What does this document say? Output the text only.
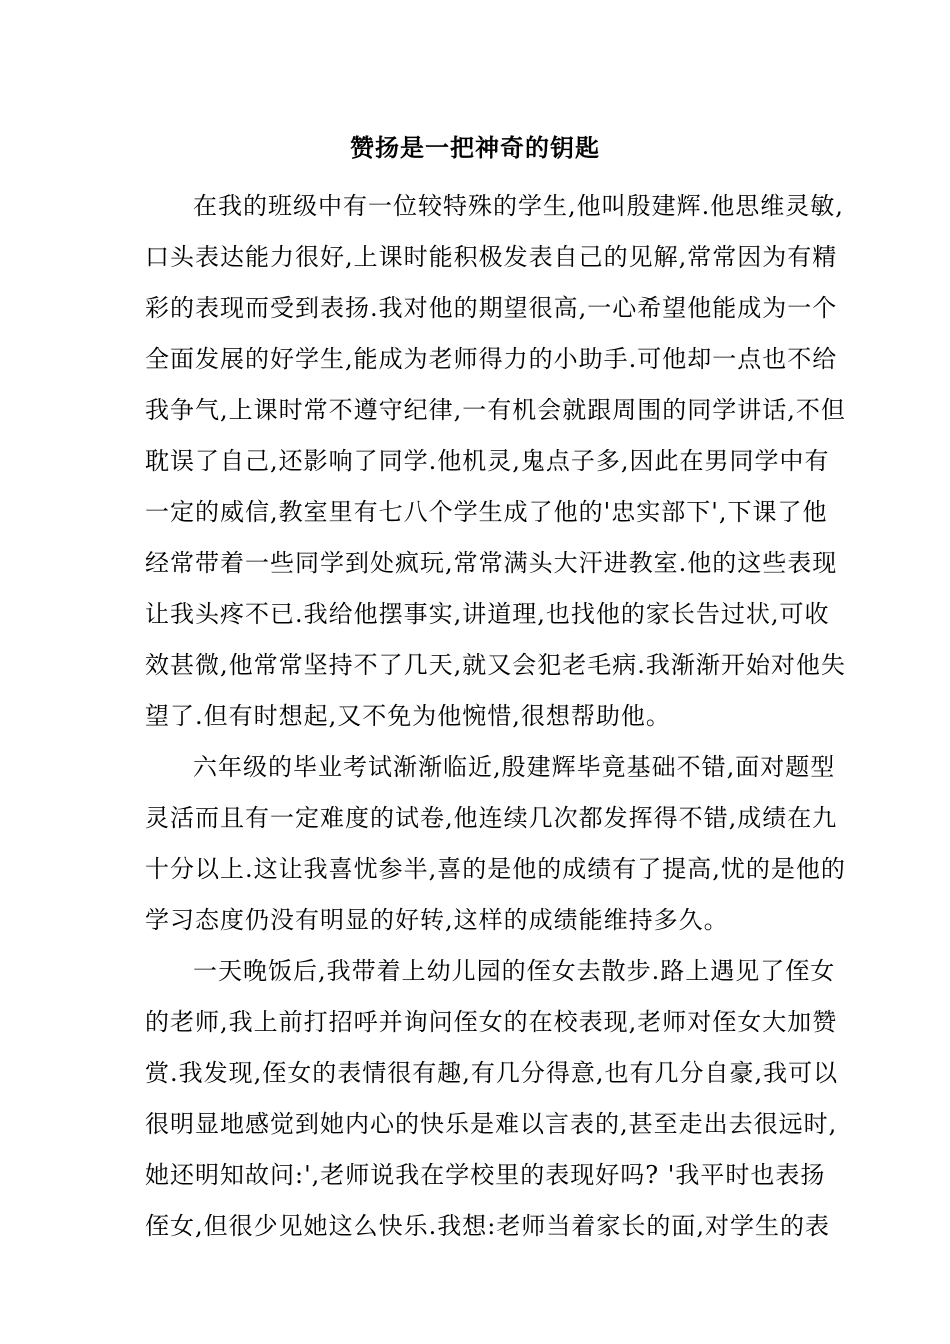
赞扬是一把神奇的钥匙
在我的班级中有一位较特殊的学生,他叫殷建辉.他思维灵敏,
口头表达能力很好,上课时能积极发表自己的见解,常常因为有精
彩的表现而受到表扬.我对他的期望很高,一心希望他能成为一个
全面发展的好学生,能成为老师得力的小助手.可他却一点也不给
我争气,上课时常不遵守纪律,一有机会就跟周围的同学讲话,不但
耽误了自己,还影响了同学.他机灵,鬼点子多,因此在男同学中有
一定的威信,教室里有七八个学生成了他的'忠实部下',下课了他
经常带着一些同学到处疯玩,常常满头大汗进教室.他的这些表现
让我头疼不已.我给他摆事实,讲道理,也找他的家长告过状,可收
效甚微,他常常坚持不了几天,就又会犯老毛病.我渐渐开始对他失
望了.但有时想起,又不免为他惋惜,很想帮助他。
六年级的毕业考试渐渐临近,殷建辉毕竟基础不错,面对题型
灵活而且有一定难度的试卷,他连续几次都发挥得不错,成绩在九
十分以上.这让我喜忧参半,喜的是他的成绩有了提高,忧的是他的
学习态度仍没有明显的好转,这样的成绩能维持多久。
一天晚饭后,我带着上幼儿园的侄女去散步.路上遇见了侄女
的老师,我上前打招呼并询问侄女的在校表现,老师对侄女大加赞
赏.我发现,侄女的表情很有趣,有几分得意,也有几分自豪,我可以
很明显地感觉到她内心的快乐是难以言表的,甚至走出去很远时,
她还明知故问:',老师说我在学校里的表现好吗? '我平时也表扬
侄女,但很少见她这么快乐.我想:老师当着家长的面,对学生的表
